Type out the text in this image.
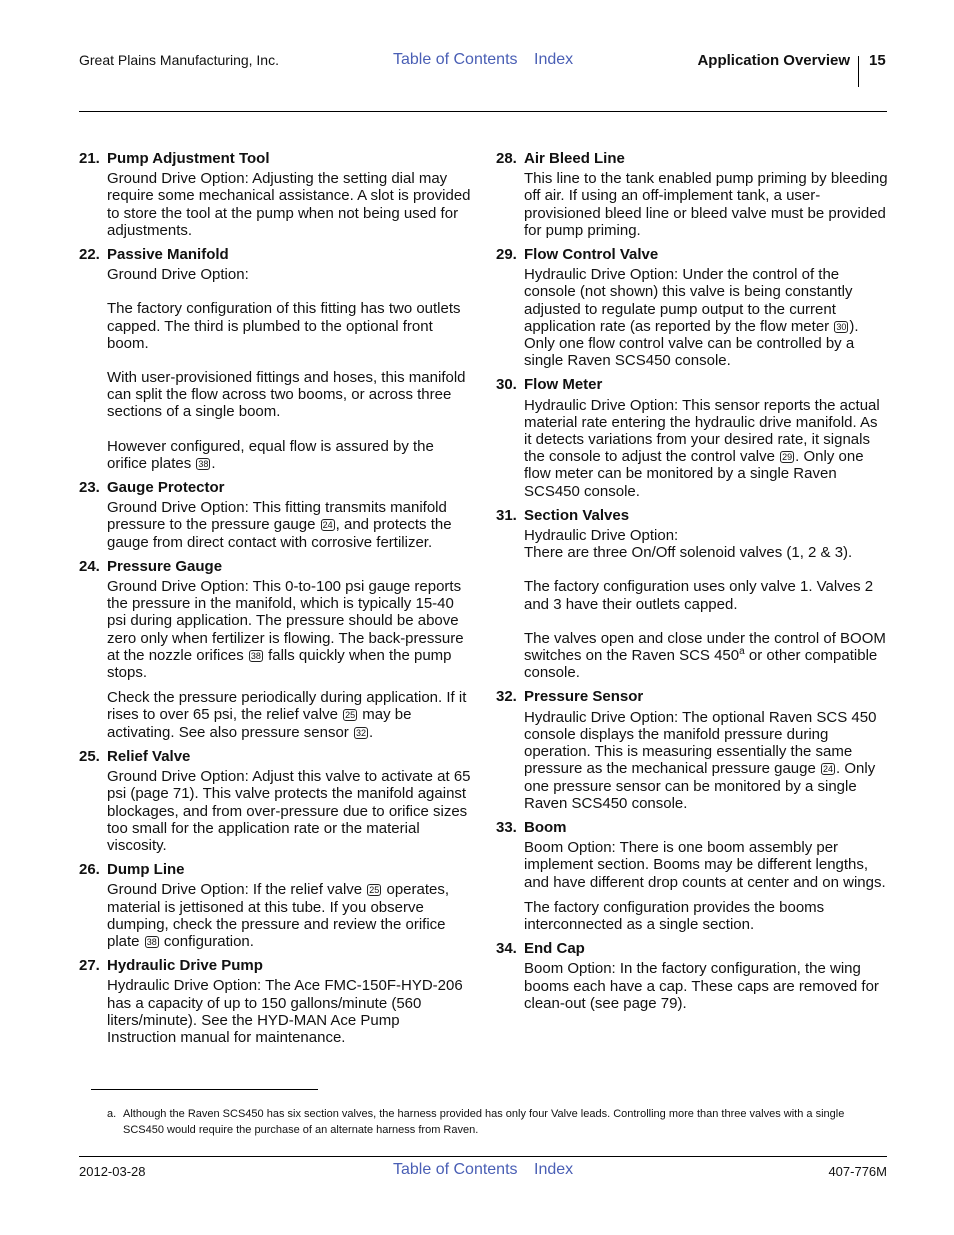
Great Plains Manufacturing, Inc.	Table of Contents Index	Application Overview 15
21. Pump Adjustment Tool
Ground Drive Option: Adjusting the setting dial may require some mechanical assistance. A slot is provided to store the tool at the pump when not being used for adjustments.
22. Passive Manifold
Ground Drive Option:
The factory configuration of this fitting has two outlets capped. The third is plumbed to the optional front boom.
With user-provisioned fittings and hoses, this manifold can split the flow across two booms, or across three sections of a single boom.
However configured, equal flow is assured by the orifice plates 38 .
23. Gauge Protector
Ground Drive Option: This fitting transmits manifold pressure to the pressure gauge 24 , and protects the gauge from direct contact with corrosive fertilizer.
24. Pressure Gauge
Ground Drive Option: This 0-to-100 psi gauge reports the pressure in the manifold, which is typically 15-40 psi during application. The pressure should be above zero only when fertilizer is flowing. The back-pressure at the nozzle orifices 38 falls quickly when the pump stops.
Check the pressure periodically during application. If it rises to over 65 psi, the relief valve 25 may be activating. See also pressure sensor 32 .
25. Relief Valve
Ground Drive Option: Adjust this valve to activate at 65 psi (page 71). This valve protects the manifold against blockages, and from over-pressure due to orifice sizes too small for the application rate or the material viscosity.
26. Dump Line
Ground Drive Option: If the relief valve 25 operates, material is jettisoned at this tube. If you observe dumping, check the pressure and review the orifice plate 38 configuration.
27. Hydraulic Drive Pump
Hydraulic Drive Option: The Ace FMC-150F-HYD-206 has a capacity of up to 150 gallons/minute (560 liters/minute). See the HYD-MAN Ace Pump Instruction manual for maintenance.
28. Air Bleed Line
This line to the tank enabled pump priming by bleeding off air. If using an off-implement tank, a user-provisioned bleed line or bleed valve must be provided for pump priming.
29. Flow Control Valve
Hydraulic Drive Option: Under the control of the console (not shown) this valve is being constantly adjusted to regulate pump output to the current application rate (as reported by the flow meter 30 ). Only one flow control valve can be controlled by a single Raven SCS450 console.
30. Flow Meter
Hydraulic Drive Option: This sensor reports the actual material rate entering the hydraulic drive manifold. As it detects variations from your desired rate, it signals the console to adjust the control valve 29 . Only one flow meter can be monitored by a single Raven SCS450 console.
31. Section Valves
Hydraulic Drive Option:
There are three On/Off solenoid valves (1, 2 & 3).
The factory configuration uses only valve 1. Valves 2 and 3 have their outlets capped.
The valves open and close under the control of BOOM switches on the Raven SCS 450$^a$ or other compatible console.
32. Pressure Sensor
Hydraulic Drive Option: The optional Raven SCS 450 console displays the manifold pressure during operation. This is measuring essentially the same pressure as the mechanical pressure gauge 24 . Only one pressure sensor can be monitored by a single Raven SCS450 console.
33. Boom
Boom Option: There is one boom assembly per implement section. Booms may be different lengths, and have different drop counts at center and on wings.
The factory configuration provides the booms interconnected as a single section.
34. End Cap
Boom Option: In the factory configuration, the wing booms each have a cap. These caps are removed for clean-out (see page 79).
a. Although the Raven SCS450 has six section valves, the harness provided has only four Valve leads. Controlling more than three valves with a single SCS450 would require the purchase of an alternate harness from Raven.
2012-03-28	Table of Contents Index	407-776M
